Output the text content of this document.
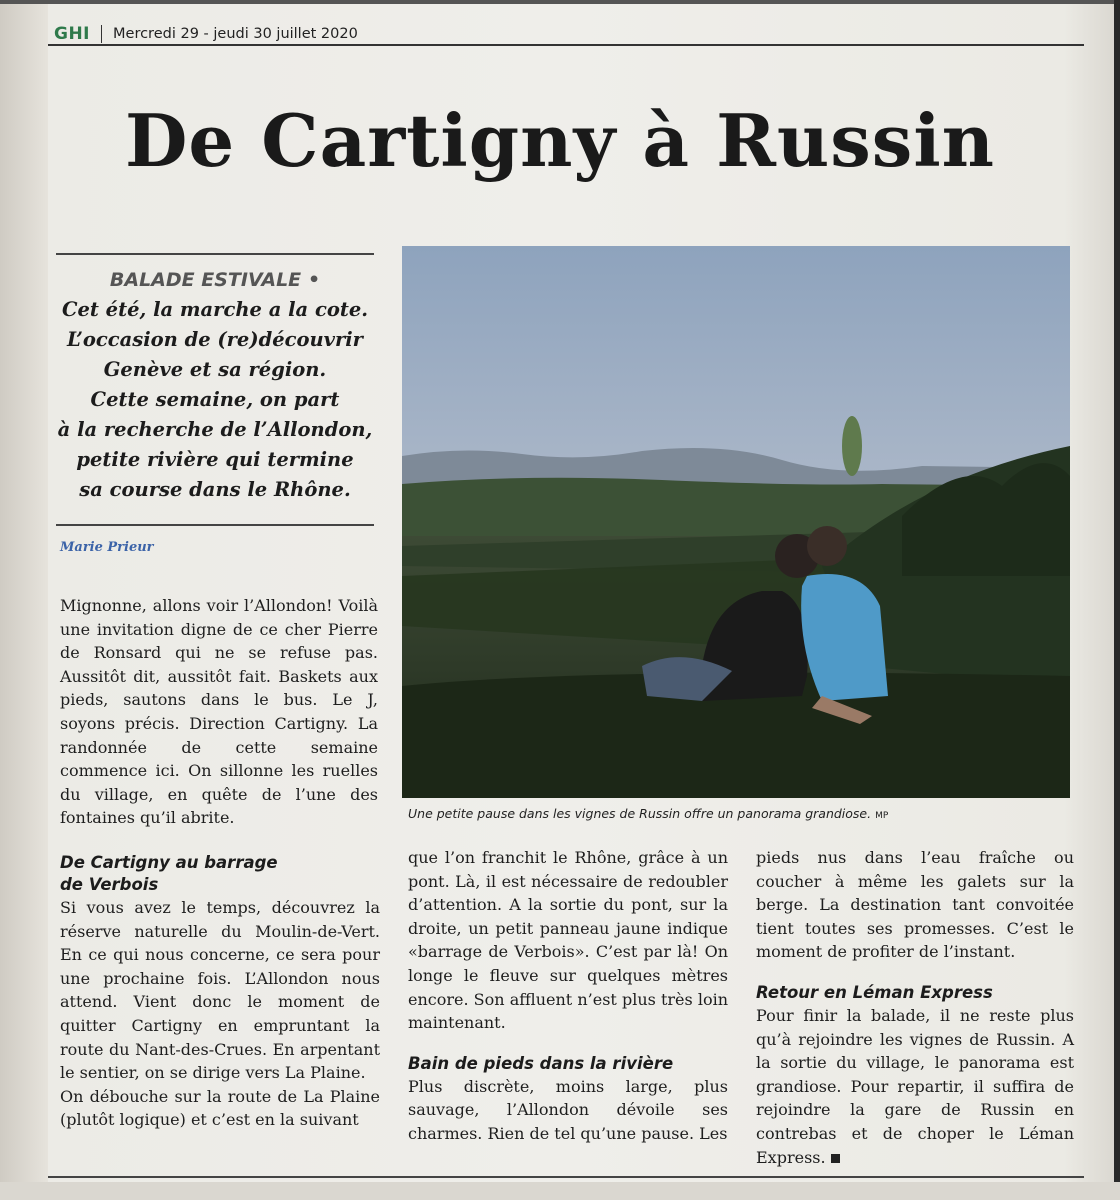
GHI Mercredi 29 - jeudi 30 juillet 2020
De Cartigny à Russin
BALADE ESTIVALE •
Cet été, la marche a la cote.
L’occasion de (re)découvrir
Genève et sa région.
Cette semaine, on part
à la recherche de l’Allondon,
petite rivière qui termine
sa course dans le Rhône.
Marie Prieur
Une petite pause dans les vignes de Russin offre un panorama grandiose. MP
Mignonne, allons voir l’Allondon! Voilà une invitation digne de ce cher Pierre de Ronsard qui ne se refuse pas. Aussitôt dit, aussitôt fait. Baskets aux pieds, sautons dans le bus. Le J, soyons précis. Direction Cartigny. La randonnée de cette semaine commence ici. On sillonne les ruelles du village, en quête de l’une des fontaines qu’il abrite.
De Cartigny au barrage
de Verbois

Si vous avez le temps, découvrez la réserve naturelle du Moulin-de-Vert. En ce qui nous concerne, ce sera pour une prochaine fois. L’Allondon nous attend. Vient donc le moment de quitter Cartigny en empruntant la route du Nant-des-Crues. En arpentant le sentier, on se dirige vers La Plaine.

On débouche sur la route de La Plaine (plutôt logique) et c’est en la suivant

que l’on franchit le Rhône, grâce à un pont. Là, il est nécessaire de redoubler d’attention. A la sortie du pont, sur la droite, un petit panneau jaune indique «barrage de Verbois». C’est par là! On longe le fleuve sur quelques mètres encore. Son affluent n’est plus très loin maintenant.

Bain de pieds dans la rivière

Plus discrète, moins large, plus sauvage, l’Allondon dévoile ses charmes. Rien de tel qu’une pause. Les

pieds nus dans l’eau fraîche ou coucher à même les galets sur la berge. La destination tant convoitée tient toutes ses promesses. C’est le moment de profiter de l’instant.

Retour en Léman Express

Pour finir la balade, il ne reste plus qu’à rejoindre les vignes de Russin. A la sortie du village, le panorama est grandiose. Pour repartir, il suffira de rejoindre la gare de Russin en contrebas et de choper le Léman Express.
